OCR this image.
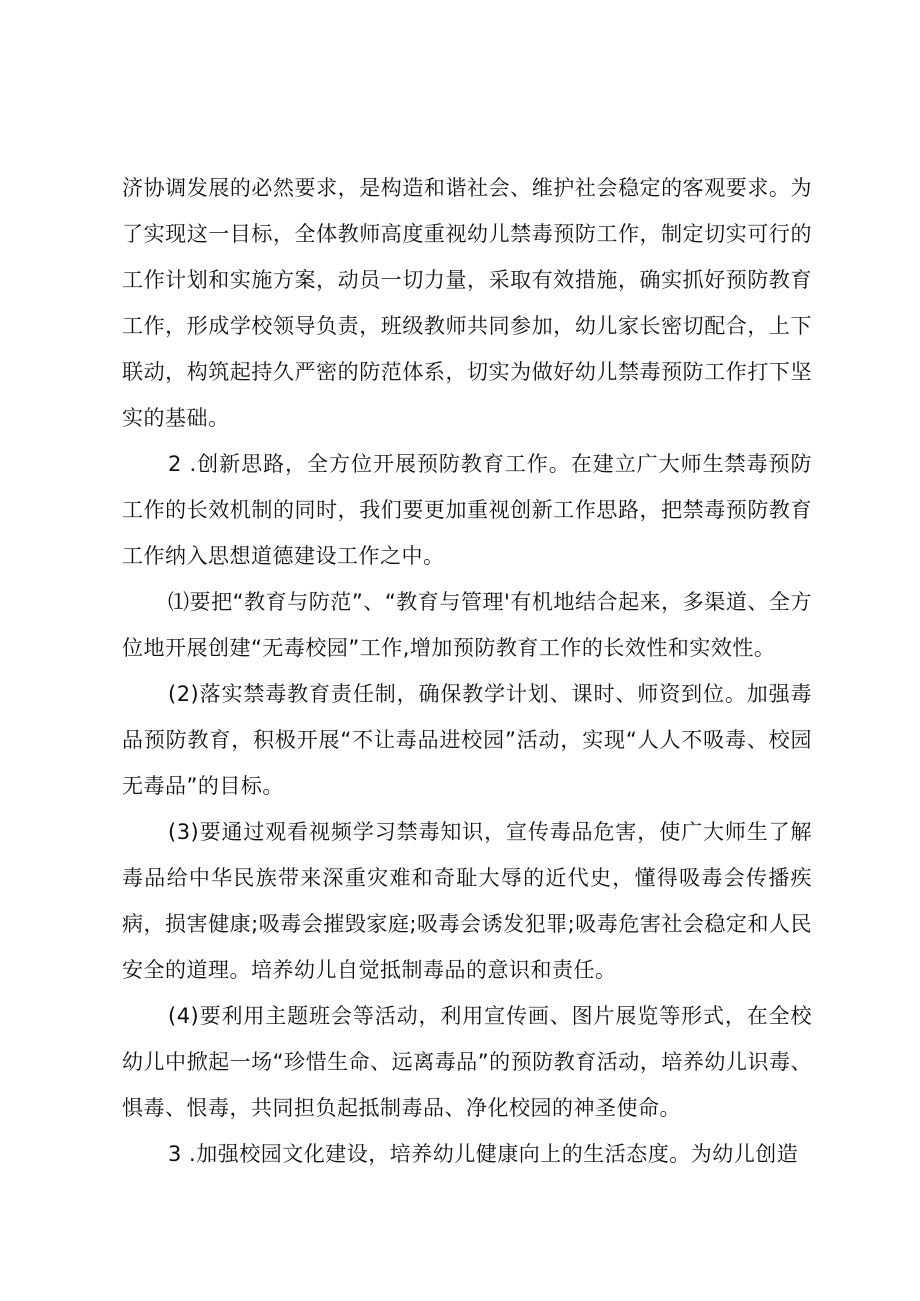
济协调发展的必然要求，是构造和谐社会、维护社会稳定的客观要求。为了实现这一目标，全体教师高度重视幼儿禁毒预防工作，制定切实可行的工作计划和实施方案，动员一切力量，采取有效措施，确实抓好预防教育工作，形成学校领导负责，班级教师共同参加，幼儿家长密切配合，上下联动，构筑起持久严密的防范体系，切实为做好幼儿禁毒预防工作打下坚实的基础。

2 .创新思路，全方位开展预防教育工作。在建立广大师生禁毒预防工作的长效机制的同时，我们要更加重视创新工作思路，把禁毒预防教育工作纳入思想道德建设工作之中。

⑴要把“教育与防范”、“教育与管理'有机地结合起来，多渠道、全方位地开展创建“无毒校园”工作,增加预防教育工作的长效性和实效性。

(2)落实禁毒教育责任制，确保教学计划、课时、师资到位。加强毒品预防教育，积极开展“不让毒品进校园”活动，实现“人人不吸毒、校园无毒品”的目标。

(3)要通过观看视频学习禁毒知识，宣传毒品危害，使广大师生了解毒品给中华民族带来深重灾难和奇耻大辱的近代史，懂得吸毒会传播疾病，损害健康;吸毒会摧毁家庭;吸毒会诱发犯罪;吸毒危害社会稳定和人民安全的道理。培养幼儿自觉抵制毒品的意识和责任。

(4)要利用主题班会等活动，利用宣传画、图片展览等形式，在全校幼儿中掀起一场“珍惜生命、远离毒品”的预防教育活动，培养幼儿识毒、惧毒、恨毒，共同担负起抵制毒品、净化校园的神圣使命。

3 .加强校园文化建设，培养幼儿健康向上的生活态度。为幼儿创造
